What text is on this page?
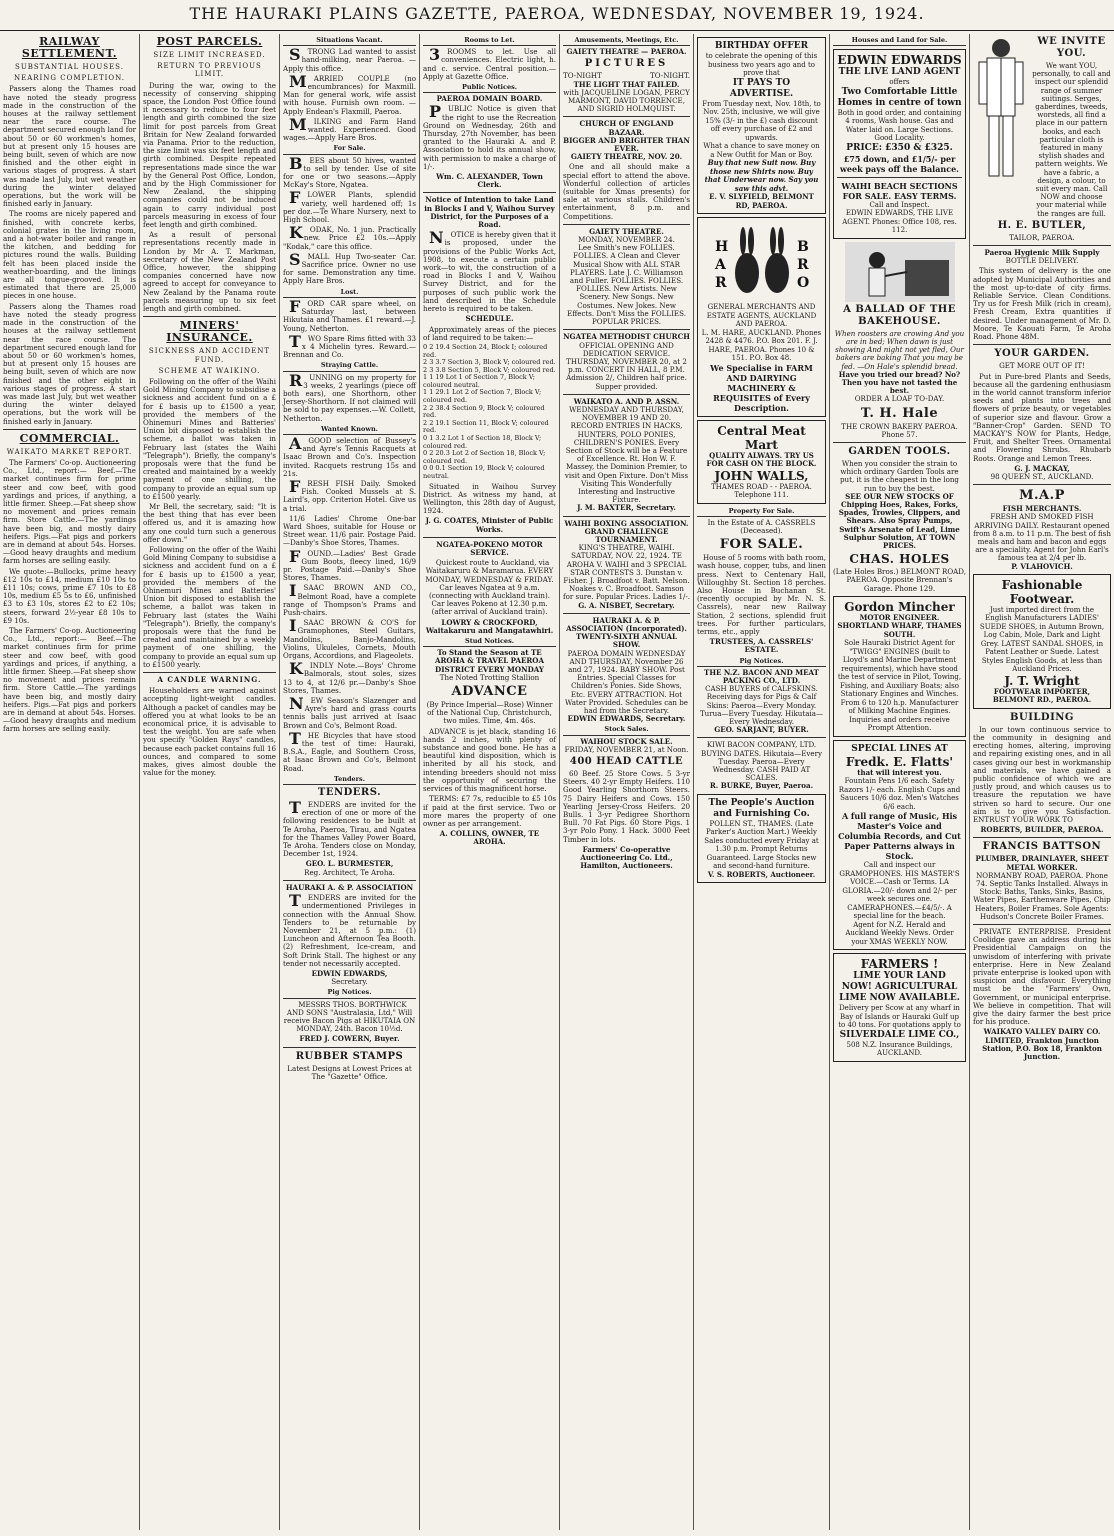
THE HAURAKI PLAINS GAZETTE, PAEROA, WEDNESDAY, NOVEMBER 19, 1924.
RAILWAY SETTLEMENT.
SUBSTANTIAL HOUSES.
NEARING COMPLETION.
Passers along the Thames road have noted the steady progress made in the construction of the houses at the railway settlement near the race course. The department secured enough land for about 50 or 60 workmen's homes, but at present only 15 houses are being built, seven of which are now finished and the other eight in various stages of progress. A start was made last July, but wet weather during the winter delayed operations, but the work will be finished early in January.
The rooms are nicely papered and finished, with concrete kerbs, colonial grates in the living room, and a hot-water boiler and range in the kitchen, and bedding for pictures round the walls. Building felt has been placed inside the weather-boarding, and the linings are all tongue-grooved. It is estimated that there are 25,000 pieces in one house.
Passers along the Thames road have noted the steady progress made in the construction of the houses at the railway settlement near the race course. The department secured enough land for about 50 or 60 workmen's homes, but at present only 15 houses are being built, seven of which are now finished and the other eight in various stages of progress. A start was made last July, but wet weather during the winter delayed operations, but the work will be finished early in January.
COMMERCIAL.
WAIKATO MARKET REPORT.
The Farmers' Co-op. Auctioneering Co., Ltd., report:— Beef.—The market continues firm for prime steer and cow beef, with good yardings and prices, if anything, a little firmer. Sheep.—Fat sheep show no movement and prices remain firm. Store Cattle.—The yardings have been big, and mostly dairy heifers. Pigs.—Fat pigs and porkers are in demand at about 54s. Horses.—Good heavy draughts and medium farm horses are selling easily.
We quote:—Bullocks, prime heavy £12 10s to £14, medium £10 10s to £11 10s; cows, prime £7 10s to £8 10s, medium £5 5s to £6, unfinished £3 to £3 10s, stores £2 to £2 10s; steers, forward 2½-year £8 10s to £9 10s.
The Farmers' Co-op. Auctioneering Co., Ltd., report:— Beef.—The market continues firm for prime steer and cow beef, with good yardings and prices, if anything, a little firmer. Sheep.—Fat sheep show no movement and prices remain firm. Store Cattle.—The yardings have been big, and mostly dairy heifers. Pigs.—Fat pigs and porkers are in demand at about 54s. Horses.—Good heavy draughts and medium farm horses are selling easily.
POST PARCELS.
SIZE LIMIT INCREASED.
RETURN TO PREVIOUS LIMIT.
During the war, owing to the necessity of conserving shipping space, the London Post Office found it necessary to reduce to four feet length and girth combined the size limit for post parcels from Great Britain for New Zealand forwarded via Panama. Prior to the reduction, the size limit was six feet length and girth combined. Despite repeated representations made since the war by the General Post Office, London, and by the High Commissioner for New Zealand, the shipping companies could not be induced again to carry individual post parcels measuring in excess of four feet length and girth combined.
As a result of personal representations recently made in London by Mr A. T. Markman, secretary of the New Zealand Post Office, however, the shipping companies concerned have now agreed to accept for conveyance to New Zealand by the Panama route parcels measuring up to six feet length and girth combined.
MINERS' INSURANCE.
SICKNESS AND ACCIDENT FUND.
SCHEME AT WAIKINO.
Following on the offer of the Waihi Gold Mining Company to subsidise a sickness and accident fund on a £ for £ basis up to £1500 a year, provided the members of the Ohinemuri Mines and Batteries' Union bit disposed to establish the scheme, a ballot was taken in February last (states the Waihi "Telegraph"). Briefly, the company's proposals were that the fund be created and maintained by a weekly payment of one shilling, the company to provide an equal sum up to £1500 yearly.
Mr Bell, the secretary, said: "It is the best thing that has ever been offered us, and it is amazing how any one could turn such a generous offer down."
Following on the offer of the Waihi Gold Mining Company to subsidise a sickness and accident fund on a £ for £ basis up to £1500 a year, provided the members of the Ohinemuri Mines and Batteries' Union bit disposed to establish the scheme, a ballot was taken in February last (states the Waihi "Telegraph"). Briefly, the company's proposals were that the fund be created and maintained by a weekly payment of one shilling, the company to provide an equal sum up to £1500 yearly.
A CANDLE WARNING.
Householders are warned against accepting light-weight candles. Although a packet of candles may be offered you at what looks to be an economical price, it is advisable to test the weight. You are safe when you specify "Golden Rays" candles, because each packet contains full 16 ounces, and compared to some makes, gives almost double the value for the money.
Situations Vacant.
STRONG Lad wanted to assist hand-milking, near Paeroa. —Apply this office.
MARRIED COUPLE (no encumbrances) for Maxmill. Man for general work, wife assist with house. Furnish own room. —Apply Endean's Flaxmill, Paeroa.
MILKING and Farm Hand wanted. Experienced. Good wages.—Apply Hare Bros.
For Sale.
BEES about 50 hives, wanted to sell by tender. Use of site for one or two seasons.—Apply McKay's Store, Ngatea.
FLOWER Plants, splendid variety, well hardened off; 1s per doz.—Te Whare Nursery, next to High School.
KODAK, No. 1 jun. Practically new. Price £2 10s.—Apply "Kodak," care this office.
SMALL Hup Two-seater Car. Sacrifice price. Owner no use for same. Demonstration any time. Apply Hare Bros.
Lost.
FORD CAR spare wheel, on Saturday last, between Hikutaia and Thames. £1 reward.—J. Young, Netherton.
TWO Spare Rims fitted with 33 x 4 Michelin tyres. Reward.—Brennan and Co.
Straying Cattle.
RUNNING on my property for 3 weeks, 2 yearlings (piece off both ears), one Shorthorn, other Jersey-Shorthorn. If not claimed will be sold to pay expenses.—W. Collett, Netherton.
Wanted Known.
AGOOD selection of Bussey's and Ayre's Tennis Racquets at Isaac Brown and Co's. Inspection invited. Racquets restrung 15s and 21s.
FRESH FISH Daily. Smoked Fish. Cooked Mussels at S. Laird's, opp. Criterion Hotel. Give us a trial.
11/6 Ladies' Chrome One-bar Ward Shoes, suitable for House or Street wear. 11/6 pair. Postage Paid.—Danby's Shoe Stores, Thames.
FOUND.—Ladies' Best Grade Gum Boots, fleecy lined, 16/9 pr. Postage Paid.—Danby's Shoe Stores, Thames.
ISAAC BROWN AND CO., Belmont Road, have a complete range of Thompson's Prams and Push-chairs.
ISAAC BROWN & CO'S for Gramophones, Steel Guitars, Mandolins, Banjo-Mandolins, Violins, Ukuleles, Cornets, Mouth Organs, Accordions, and Flageolets.
KINDLY Note.—Boys' Chrome Balmorals, stout soles, sizes 13 to 4, at 12/6 pr.—Danby's Shoe Stores, Thames.
NEW Season's Slazenger and Ayre's hard and grass courts tennis balls just arrived at Isaac Brown and Co's, Belmont Road.
THE Bicycles that have stood the test of time: Hauraki, B.S.A., Eagle, and Southern Cross, at Isaac Brown and Co's, Belmont Road.
Tenders.
TENDERS.
TENDERS are invited for the erection of one or more of the following residences to be built at Te Aroha, Paeroa, Tirau, and Ngatea for the Thames Valley Power Board, Te Aroha. Tenders close on Monday, December 1st, 1924.
GEO. L. BURMESTER,
Reg. Architect, Te Aroha.
HAURAKI A. & P. ASSOCIATION
TENDERS are invited for the undermentioned Privileges in connection with the Annual Show. Tenders to be returnable by November 21, at 5 p.m.: (1) Luncheon and Afternoon Tea Booth. (2) Refreshment, Ice-cream, and Soft Drink Stall. The highest or any tender not necessarily accepted.
EDWIN EDWARDS,
Secretary.
Pig Notices.
MESSRS THOS. BORTHWICK AND SONS "Australasia, Ltd," Will receive Bacon Pigs at HIKUTAIA ON MONDAY, 24th. Bacon 10½d.
FRED J. COWERN, Buyer.
RUBBER STAMPS
Latest Designs at Lowest Prices at The "Gazette" Office.
Rooms to Let.
3ROOMS to let. Use all conveniences. Electric light, h. and c. service. Central position.—Apply at Gazette Office.
Public Notices.
PAEROA DOMAIN BOARD.
PUBLIC Notice is given that the right to use the Recreation Ground on Wednesday, 26th and Thursday, 27th November, has been granted to the Hauraki A. and P. Association to hold its annual show, with permission to make a charge of 1/-.
Wm. C. ALEXANDER, Town Clerk.
Notice of Intention to take Land in Blocks I and V, Waihou Survey District, for the Purposes of a Road.
NOTICE is hereby given that it is proposed, under the provisions of the Public Works Act, 1908, to execute a certain public work—to wit, the construction of a road in Blocks I and V, Waihou Survey District, and for the purposes of such public work the land described in the Schedule hereto is required to be taken.
SCHEDULE.
Approximately areas of the pieces of land required to be taken:—
0 2 19.4 Section 24, Block I; coloured red.
2 3 3.7 Section 3, Block V; coloured red.
2 3 3.8 Section 5, Block V; coloured red.
1 1 19 Lot 1 of Section 7, Block V; coloured neutral.
1 1 29.1 Lot 2 of Section 7, Block V; coloured red.
2 2 38.4 Section 9, Block V; coloured red.
2 2 19.1 Section 11, Block V; coloured red.
0 1 3.2 Lot 1 of Section 18, Block V; coloured red.
0 2 20.3 Lot 2 of Section 18, Block V; coloured red.
0 0 0.1 Section 19, Block V; coloured neutral.
Situated in Waihou Survey District. As witness my hand, at Wellington, this 28th day of August, 1924.
J. G. COATES, Minister of Public Works.
NGATEA-POKENO MOTOR SERVICE.
Quickest route to Auckland, via Waitakaruru & Maramarua. EVERY MONDAY, WEDNESDAY & FRIDAY. Car leaves Ngatea at 9 a.m. (connecting with Auckland train). Car leaves Pokeno at 12.30 p.m. (after arrival of Auckland train).
LOWRY & CROCKFORD, Waitakaruru and Mangatawhiri.
Stud Notices.
To Stand the Season at TE AROHA & TRAVEL PAEROA DISTRICT EVERY MONDAY
The Noted Trotting Stallion
ADVANCE
(By Prince Imperial—Rose) Winner of the National Cup, Christchurch, two miles. Time, 4m. 46s.
ADVANCE is jet black, standing 16 hands 2 inches, with plenty of substance and good bone. He has a beautiful kind disposition, which is inherited by all his stock, and intending breeders should not miss the opportunity of securing the services of this magnificent horse.
TERMS: £7 7s, reducible to £5 10s if paid at the first service. Two or more mares the property of one owner as per arrangement.
A. COLLINS, OWNER, TE AROHA.
Amusements, Meetings, Etc.
GAIETY THEATRE — PAEROA.
PICTURES
TO-NIGHT	TO-NIGHT.
THE LIGHT THAT FAILED.
with JACQUELINE LOGAN, PERCY MARMONT, DAVID TORRENCE, AND SIGRID HOLMQUIST.
CHURCH OF ENGLAND BAZAAR.
BIGGER AND BRIGHTER THAN EVER.
GAIETY THEATRE, NOV. 20.
One and all should make a special effort to attend the above. Wonderful collection of articles (suitable for Xmas presents) for sale at various stalls. Children's entertainment, 8 p.m. and Competitions.
GAIETY THEATRE.
MONDAY, NOVEMBER 24.
Lee Smith's new FOLLIES. FOLLIES. A Clean and Clever Musical Show with ALL STAR PLAYERS. Late J. C. Williamson and Fuller. FOLLIES. FOLLIES. FOLLIES. New Artists. New Scenery. New Songs. New Costumes. New Jokes. New Effects. Don't Miss the FOLLIES. POPULAR PRICES.
NGATEA METHODIST CHURCH
OFFICIAL OPENING AND DEDICATION SERVICE.
THURSDAY, NOVEMBER 20, at 2 p.m. CONCERT IN HALL, 8 P.M. Admission 2/, Children half price. Supper provided.
WAIKATO A. AND P. ASSN.
WEDNESDAY AND THURSDAY, NOVEMBER 19 AND 20.
RECORD ENTRIES IN HACKS, HUNTERS, POLO PONIES, CHILDREN'S PONIES. Every Section of Stock will be a Feature of Excellence. Rt. Hon W. F. Massey, the Dominion Premier, to visit and Open Fixture. Don't Miss Visiting This Wonderfully Interesting and Instructive Fixture.
J. M. BAXTER, Secretary.
WAIHI BOXING ASSOCIATION.
GRAND CHALLENGE TOURNAMENT.
KING'S THEATRE, WAIHI. SATURDAY, NOV. 22, 1924. TE AROHA V. WAIHI and 3 SPECIAL STAR CONTESTS 3. Dunstan v. Fisher. J. Broadfoot v. Batt. Nelson. Noakes v. C. Broadfoot. Samson for sure. Popular Prices. Ladies 1/-.
G. A. NISBET, Secretary.
HAURAKI A. & P. ASSOCIATION (Incorporated).
TWENTY-SIXTH ANNUAL SHOW.
PAEROA DOMAIN WEDNESDAY AND THURSDAY, November 26 and 27, 1924. BABY SHOW. Post Entries. Special Classes for Children's Ponies. Side Shows, Etc. EVERY ATTRACTION. Hot Water Provided. Schedules can be had from the Secretary.
EDWIN EDWARDS, Secretary.
Stock Sales.
WAIHOU STOCK SALE.
FRIDAY, NOVEMBER 21, at Noon.
400 HEAD CATTLE
60 Beef. 25 Store Cows. 5 3-yr Steers. 40 2-yr Empty Heifers. 110 Good Yearling Shorthorn Steers. 75 Dairy Heifers and Cows. 150 Yearling Jersey-Cross Heifers. 20 Bulls. 1 3-yr Pedigree Shorthorn Bull. 70 Fat Pigs. 60 Store Pigs. 1 3-yr Polo Pony. 1 Hack. 3000 Feet Timber in lots.
Farmers' Co-operative Auctioneering Co. Ltd., Hamilton, Auctioneers.
BIRTHDAY OFFER
to celebrate the opening of this business two years ago and to prove that
IT PAYS TO ADVERTISE.
From Tuesday next, Nov. 18th, to Nov. 25th, inclusive, we will give 15% (3/- in the £) cash discount off every purchase of £2 and upwards.
What a chance to save money on a New Outfit for Man or Boy.
Buy that new Suit now. Buy those new Shirts now. Buy that Underwear now. Say you saw this advt.
E. V. SLYFIELD, BELMONT RD, PAEROA.
H
A
R
B
R
O
GENERAL MERCHANTS AND ESTATE AGENTS, AUCKLAND AND PAEROA.
L. M. HARE, AUCKLAND. Phones 2428 & 4476. P.O. Box 201. F. J. HARE, PAEROA. Phones 10 & 151. P.O. Box 48.
We Specialise in FARM AND DAIRYING MACHINERY & REQUISITES of Every Description.
Central Meat Mart
QUALITY ALWAYS. TRY US FOR CASH ON THE BLOCK.
JOHN WALLS,
THAMES ROAD - - PAEROA. Telephone 111.
Property For Sale.
In the Estate of A. CASSRELS (Deceased).
FOR SALE.
House of 5 rooms with bath room, wash house, copper, tubs, and linen press. Next to Centenary Hall, Willoughby St. Section 18 perches. Also House in Buchanan St. (recently occupied by Mr. N. S. Cassrels), near new Railway Station, 2 sections, splendid fruit trees. For further particulars, terms, etc., apply
TRUSTEES, A. CASSRELS' ESTATE.
Pig Notices.
THE N.Z. BACON AND MEAT PACKING CO., LTD.
CASH BUYERS of CALFSKINS. Receiving days for Pigs & Calf Skins: Paeroa—Every Monday. Turua—Every Tuesday. Hikutaia—Every Wednesday.
GEO. SARJANT, BUYER.
KIWI BACON COMPANY, LTD. BUYING DATES. Hikutaia—Every Tuesday. Paeroa—Every Wednesday. CASH PAID AT SCALES.
R. BURKE, Buyer, Paeroa.
The People's Auction and Furnishing Co.
POLLEN ST., THAMES. (Late Parker's Auction Mart.) Weekly Sales conducted every Friday at 1.30 p.m. Prompt Returns Guaranteed. Large Stocks new and second-hand furniture.
V. S. ROBERTS, Auctioneer.
Houses and Land for Sale.
EDWIN EDWARDS
THE LIVE LAND AGENT
offers
Two Comfortable Little Homes in centre of town
Both in good order, and containing 4 rooms, Wash house. Gas and Water laid on. Large Sections. Good Locality.
PRICE: £350 & £325.
£75 down, and £1/5/- per week pays off the Balance.
WAIHI BEACH SECTIONS FOR SALE. EASY TERMS.
Call and Inspect.
EDWIN EDWARDS, THE LIVE AGENT. Phones: Office 108, res. 112.
A BALLAD OF THE BAKEHOUSE.
When roosters are crowing And you are in bed; When dawn is just showing And night not yet fled, Our bakers are baking That you may be fed. —On Hale's splendid bread.
Have you tried our bread? No? Then you have not tasted the best.
ORDER A LOAF TO-DAY.
T. H. Hale
THE CROWN BAKERY PAEROA. Phone 57.
GARDEN TOOLS.
When you consider the strain to which ordinary Garden Tools are put, it is the cheapest in the long run to buy the best.
SEE OUR NEW STOCKS OF Chipping Hoes, Rakes, Forks, Spades, Trowles, Clippers, and Shears. Also Spray Pumps, Swift's Arsenate of Lead, Lime Sulphur Solution, AT TOWN PRICES.
CHAS. HOLES
(Late Holes Bros.) BELMONT ROAD, PAEROA. Opposite Brennan's Garage. Phone 129.
Gordon Mincher
MOTOR ENGINEER. SHORTLAND WHARF, THAMES SOUTH.
Sole Hauraki District Agent for "TWIGG" ENGINES (built to Lloyd's and Marine Department requirements), which have stood the test of service in Pilot, Towing, Fishing, and Auxiliary Boats; also Stationary Engines and Winches. From 6 to 120 h.p. Manufacturer of Milking Machine Engines. Inquiries and orders receive Prompt Attention.
SPECIAL LINES AT
Fredk. E. Flatts'
that will interest you.
Fountain Pens 1/6 each. Safety Razors 1/- each. English Cups and Saucers 10/6 doz. Men's Watches 6/6 each.
A full range of Music, His Master's Voice and Columbia Records, and Cut Paper Patterns always in Stock.
Call and inspect our GRAMOPHONES. HIS MASTER'S VOICE.—Cash or Terms. LA GLORIA.—20/- down and 2/- per week secures one. CAMERAPHONES.—£4/5/-. A special line for the beach.
Agent for N.Z. Herald and Auckland Weekly News. Order your XMAS WEEKLY NOW.
FARMERS !
LIME YOUR LAND NOW! AGRICULTURAL LIME NOW AVAILABLE.
Delivery per Scow at any wharf in Bay of Islands or Hauraki Gulf up to 40 tons. For quotations apply to
SILVERDALE LIME CO.,
508 N.Z. Insurance Buildings, AUCKLAND.
WE INVITE YOU.
We want YOU, personally, to call and inspect our splendid range of summer suitings. Serges, gaberdines, tweeds, worsteds, all find a place in our pattern books, and each particular cloth is featured in many stylish shades and pattern weights. We have a fabric, a design, a colour, to suit every man. Call NOW and choose your material while the ranges are full.
H. E. BUTLER,
TAILOR, PAEROA.
Paeroa Hygienic Milk Supply
BOTTLE DELIVERY.
This system of delivery is the one adopted by Municipal Authorities and the most up-to-date of city firms. Reliable Service. Clean Conditions. Try us for Fresh Milk (rich in cream), Fresh Cream, Extra quantities if desired. Under management of Mr. D. Moore, Te Kaouati Farm, Te Aroha Road. Phone 48M.
YOUR GARDEN.
GET MORE OUT OF IT!
Put in Pure-bred Plants and Seeds, because all the gardening enthusiasm in the world cannot transform inferior seeds and plants into trees and flowers of prize beauty, or vegetables of superior size and flavour. Grow a "Banner-Crop" Garden. SEND TO MACKAY'S NOW for Plants, Hedge, Fruit, and Shelter Trees. Ornamental and Flowering Shrubs. Rhubarb Roots. Orange and Lemon Trees.
G. J. MACKAY,
98 QUEEN ST., AUCKLAND.
M.A.P
FISH MERCHANTS.
FRESH AND SMOKED FISH ARRIVING DAILY. Restaurant opened from 8 a.m. to 11 p.m. The best of fish meals and ham and bacon and eggs are a speciality. Agent for John Earl's famous tea at 2/4 per lb.
P. VLAHOVICH.
Fashionable Footwear.
Just imported direct from the English Manufacturers LADIES' SUEDE SHOES, in Autumn Brown, Log Cabin, Mole, Dark and Light Grey. LATEST SANDAL SHOES, in Patent Leather or Suede. Latest Styles English Goods, at less than Auckland Prices.
J. T. Wright
FOOTWEAR IMPORTER, BELMONT RD., PAEROA.
BUILDING
In our town continuous service to the community in designing and erecting homes, altering, improving and repairing existing ones, and in all cases giving our best in workmanship and materials, we have gained a public confidence of which we are justly proud, and which causes us to treasure the reputation we have striven so hard to secure. Our one aim is to give you Satisfaction. ENTRUST YOUR WORK TO
ROBERTS, BUILDER, PAEROA.
FRANCIS BATTSON
PLUMBER, DRAINLAYER, SHEET METAL WORKER.
NORMANBY ROAD, PAEROA. Phone 74. Septic Tanks Installed. Always in Stock: Baths, Tanks, Sinks, Basins, Water Pipes, Earthenware Pipes, Chip Heaters, Boiler Frames. Sole Agents: Hudson's Concrete Boiler Frames.
PRIVATE ENTERPRISE. President Coolidge gave an address during his Presidential Campaign on the unwisdom of interfering with private enterprise. Here in New Zealand private enterprise is looked upon with suspicion and disfavour. Everything must be the "Farmers' Own, Government, or municipal enterprise. We believe in competition. That will give the dairy farmer the best price for his produce.
WAIKATO VALLEY DAIRY CO. LIMITED, Frankton Junction Station, P.O. Box 18, Frankton Junction.
